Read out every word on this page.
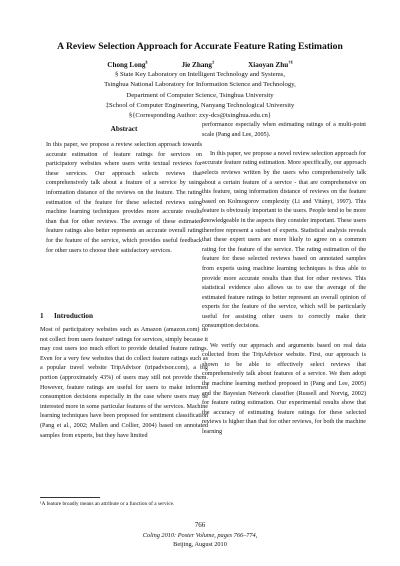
A Review Selection Approach for Accurate Feature Rating Estimation
Chong Long§	Jie Zhang‡	Xiaoyan Zhu†§
§ State Key Laboratory on Intelligent Technology and Systems,
Tsinghua National Laboratory for Information Science and Technology,
Department of Computer Science, Tsinghua University
‡School of Computer Engineering, Nanyang Technological University
§{Corresponding Author: zxy-dcs@tsinghua.edu.cn}
Abstract
In this paper, we propose a review selection approach towards accurate estimation of feature ratings for services on participatory websites where users write textual reviews for these services. Our approach selects reviews that comprehensively talk about a feature of a service by using information distance of the reviews on the feature. The rating estimation of the feature for these selected reviews using machine learning techniques provides more accurate results than that for other reviews. The average of these estimated feature ratings also better represents an accurate overall rating for the feature of the service, which provides useful feedback for other users to choose their satisfactory services.
1 Introduction
Most of participatory websites such as Amazon (amazon.com) do not collect from users feature¹ ratings for services, simply because it may cost users too much effort to provide detailed feature ratings. Even for a very few websites that do collect feature ratings such as a popular travel website TripAdvisor (tripadvisor.com), a big portion (approximately 43%) of users may still not provide them. However, feature ratings are useful for users to make informed consumption decisions especially in the case where users may be interested more in some particular features of the services. Machine learning techniques have been proposed for sentiment classification (Pang et al., 2002; Mullen and Collier, 2004) based on annotated samples from experts, but they have limited
¹A feature broadly means an attribute or a function of a service.

performance especially when estimating ratings of a multi-point scale (Pang and Lee, 2005).

In this paper, we propose a novel review selection approach for accurate feature rating estimation. More specifically, our approach selects reviews written by the users who comprehensively talk about a certain feature of a service - that are comprehensive on this feature, using information distance of reviews on the feature based on Kolmogorov complexity (Li and Vitányi, 1997). This feature is obviously important to the users. People tend to be more knowledgeable in the aspects they consider important. These users therefore represent a subset of experts. Statistical analysis reveals that these expert users are more likely to agree on a common rating for the feature of the service. The rating estimation of the feature for these selected reviews based on annotated samples from experts using machine learning techniques is thus able to provide more accurate results than that for other reviews. This statistical evidence also allows us to use the average of the estimated feature ratings to better represent an overall opinion of experts for the feature of the service, which will be particularly useful for assisting other users to correctly make their consumption decisions.

We verify our approach and arguments based on real data collected from the TripAdvisor website. First, our approach is shown to be able to effectively select reviews that comprehensively talk about features of a service. We then adopt the machine learning method proposed in (Pang and Lee, 2005) and the Bayesian Network classifier (Russell and Norvig, 2002) for feature rating estimation. Our experimental results show that the accuracy of estimating feature ratings for these selected reviews is higher than that for other reviews, for both the machine learning

766
Coling 2010: Poster Volume, pages 766–774,
Beijing, August 2010
